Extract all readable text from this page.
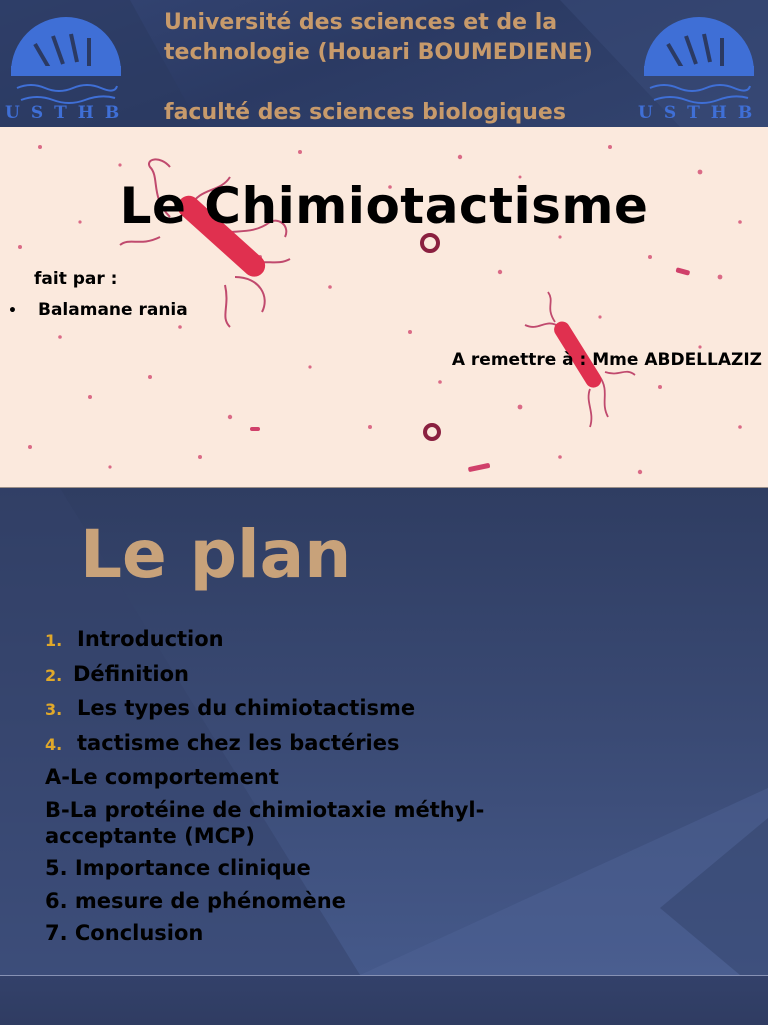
USTHB
Université des sciences et de la
technologie (Houari BOUMEDIENE)
faculté des sciences biologiques	USTHB
Le Chimiotactisme
fait par :
• Balamane rania
A remettre à : Mme ABDELLAZIZ
Le plan
1. Introduction
2. Définition
3. Les types du chimiotactisme
4. tactisme chez les bactéries
A-Le comportement
B-La protéine de chimiotaxie méthyl-acceptante (MCP)
5. Importance clinique
6. mesure de phénomène
7. Conclusion
